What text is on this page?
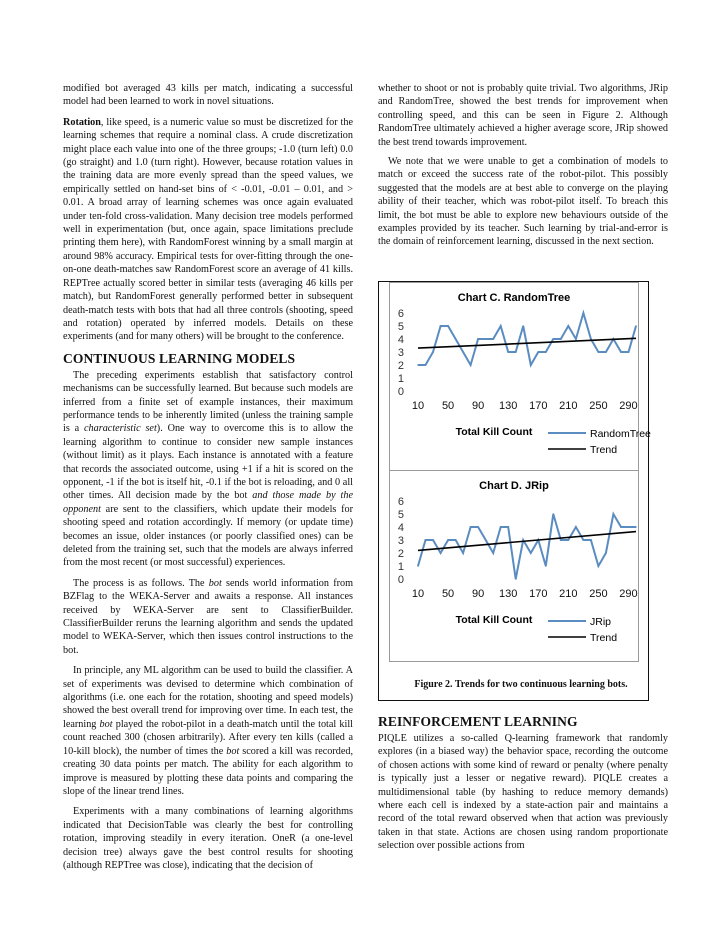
modified bot averaged 43 kills per match, indicating a successful model had been learned to work in novel situations.

Rotation, like speed, is a numeric value so must be discretized for the learning schemes that require a nominal class. A crude discretization might place each value into one of the three groups; -1.0 (turn left) 0.0 (go straight) and 1.0 (turn right). However, because rotation values in the training data are more evenly spread than the speed values, we empirically settled on hand-set bins of < -0.01, -0.01 – 0.01, and > 0.01. A broad array of learning schemes was once again evaluated under ten-fold cross-validation. Many decision tree models performed well in experimentation (but, once again, space limitations preclude printing them here), with RandomForest winning by a small margin at around 98% accuracy. Empirical tests for over-fitting through the one-on-one death-matches saw RandomForest score an average of 41 kills. REPTree actually scored better in similar tests (averaging 46 kills per match), but RandomForest generally performed better in subsequent death-match tests with bots that had all three controls (shooting, speed and rotation) operated by inferred models. Details on these experiments (and for many others) will be brought to the conference.

CONTINUOUS LEARNING MODELS

The preceding experiments establish that satisfactory control mechanisms can be successfully learned. But because such models are inferred from a finite set of example instances, their maximum performance tends to be inherently limited (unless the training sample is a characteristic set). One way to overcome this is to allow the learning algorithm to continue to consider new sample instances (without limit) as it plays. Each instance is annotated with a feature that records the associated outcome, using +1 if a hit is scored on the opponent, -1 if the bot is itself hit, -0.1 if the bot is reloading, and 0 all other times. All decision made by the bot and those made by the opponent are sent to the classifiers, which update their models for shooting speed and rotation accordingly. If memory (or update time) becomes an issue, older instances (or poorly classified ones) can be deleted from the training set, such that the models are always inferred from the most recent (or most successful) experiences.

The process is as follows. The bot sends world information from BZFlag to the WEKA-Server and awaits a response. All instances received by WEKA-Server are sent to ClassifierBuilder. ClassifierBuilder reruns the learning algorithm and sends the updated model to WEKA-Server, which then issues control instructions to the bot.

In principle, any ML algorithm can be used to build the classifier. A set of experiments was devised to determine which combination of algorithms (i.e. one each for the rotation, shooting and speed models) showed the best overall trend for improving over time. In each test, the learning bot played the robot-pilot in a death-match until the total kill count reached 300 (chosen arbitrarily). After every ten kills (called a 10-kill block), the number of times the bot scored a kill was recorded, creating 30 data points per match. The ability for each algorithm to improve is measured by plotting these data points and comparing the slope of the linear trend lines.

Experiments with a many combinations of learning algorithms indicated that DecisionTable was clearly the best for controlling rotation, improving steadily in every iteration. OneR (a one-level decision tree) always gave the best control results for shooting (although REPTree was close), indicating that the decision of

whether to shoot or not is probably quite trivial. Two algorithms, JRip and RandomTree, showed the best trends for improvement when controlling speed, and this can be seen in Figure 2. Although RandomTree ultimately achieved a higher average score, JRip showed the best trend towards improvement.

We note that we were unable to get a combination of models to match or exceed the success rate of the robot-pilot. This possibly suggested that the models are at best able to converge on the playing ability of their teacher, which was robot-pilot itself. To breach this limit, the bot must be able to explore new behaviours outside of the examples provided by its teacher. Such learning by trial-and-error is the domain of reinforcement learning, discussed in the next section.

Chart C. RandomTree
0
1
2
3
4
5
6
10 50 90 130 170 210 250 290
Total Kill Count	RandomTree
Trend
Chart D. JRip
0
1
2
3
4
5
6
10 50 90 130 170 210 250 290
Total Kill Count	JRip
Trend
Figure 2. Trends for two continuous learning bots.
REINFORCEMENT LEARNING

PIQLE utilizes a so-called Q-learning framework that randomly explores (in a biased way) the behavior space, recording the outcome of chosen actions with some kind of reward or penalty (where penalty is typically just a lesser or negative reward). PIQLE creates a multidimensional table (by hashing to reduce memory demands) where each cell is indexed by a state-action pair and maintains a record of the total reward observed when that action was previously taken in that state. Actions are chosen using random proportionate selection over possible actions from
